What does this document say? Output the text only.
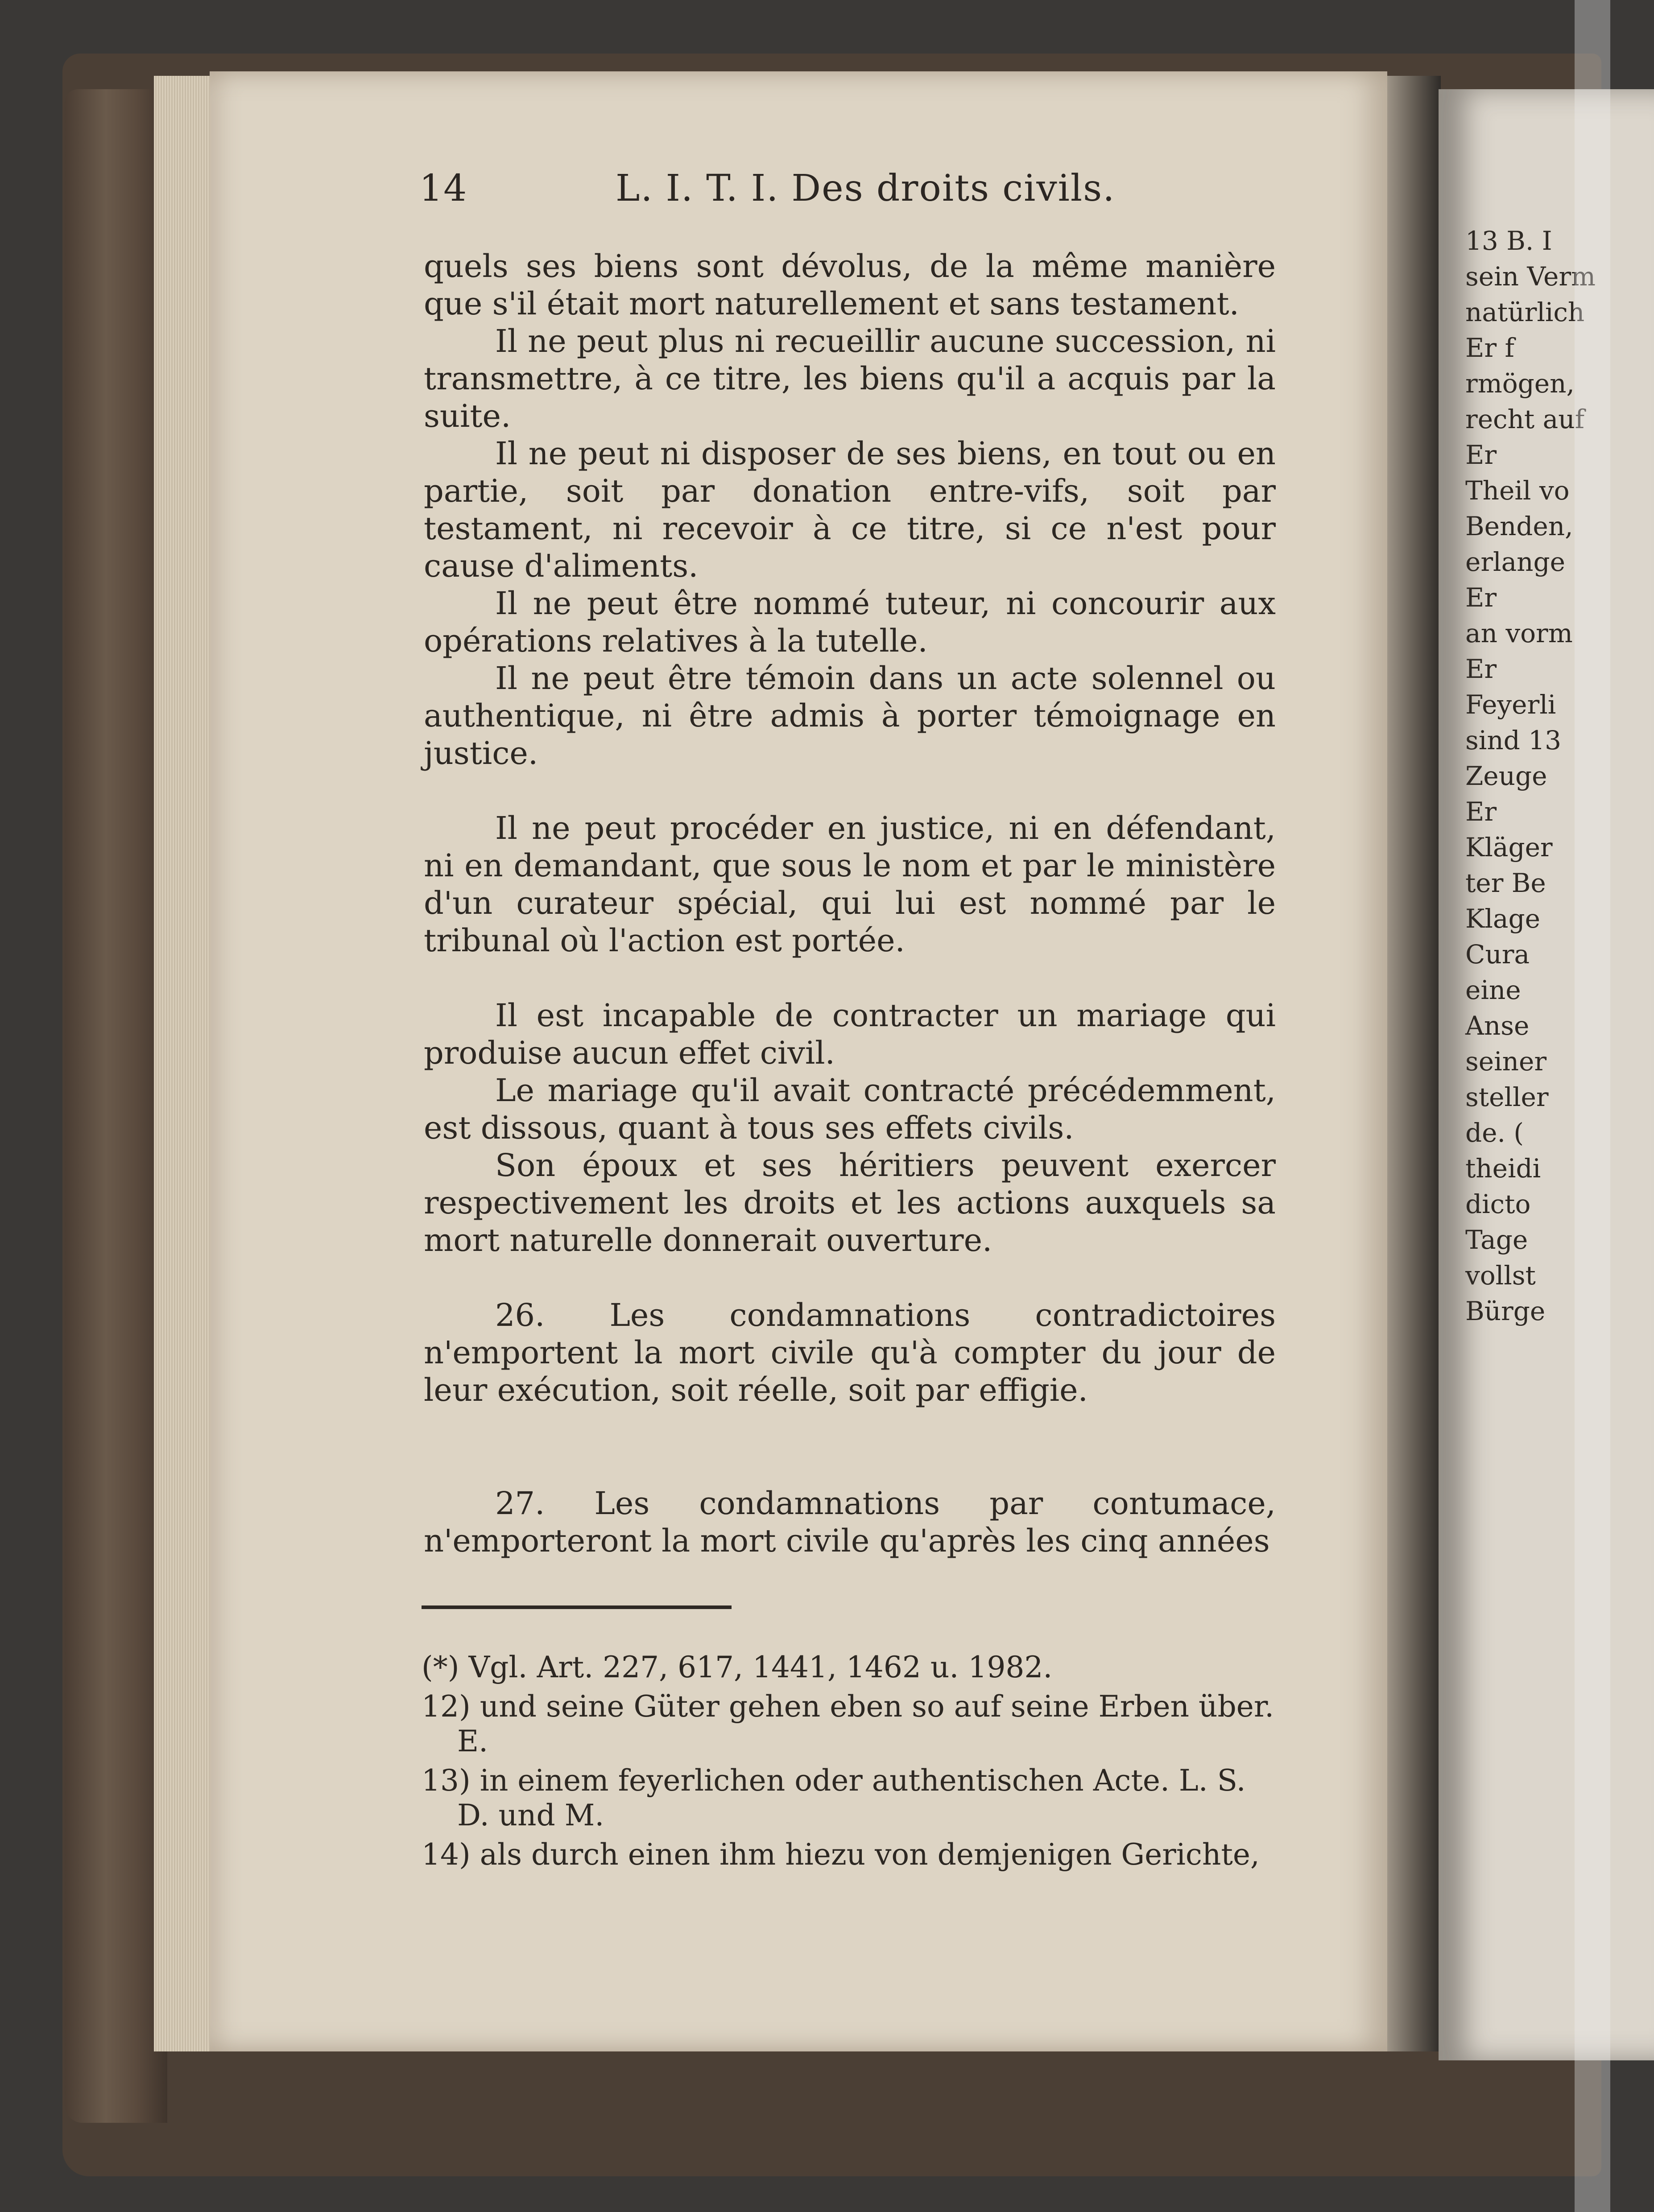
14	L. I. T. I. Des droits civils.

quels ses biens sont dévolus, de la même manière que s'il était mort naturellement et sans testament.

Il ne peut plus ni recueillir aucune succession, ni transmettre, à ce titre, les biens qu'il a acquis par la suite.

Il ne peut ni disposer de ses biens, en tout ou en partie, soit par donation entre-vifs, soit par testament, ni recevoir à ce titre, si ce n'est pour cause d'aliments.

Il ne peut être nommé tuteur, ni concourir aux opérations relatives à la tutelle.

Il ne peut être témoin dans un acte solennel ou authentique, ni être admis à porter témoignage en justice.

Il ne peut procéder en justice, ni en défendant, ni en demandant, que sous le nom et par le ministère d'un curateur spécial, qui lui est nommé par le tribunal où l'action est portée.

Il est incapable de contracter un mariage qui produise aucun effet civil.

Le mariage qu'il avait contracté précédemment, est dissous, quant à tous ses effets civils.

Son époux et ses héritiers peuvent exercer respectivement les droits et les actions auxquels sa mort naturelle donnerait ouverture.

26. Les condamnations contradictoires n'emportent la mort civile qu'à compter du jour de leur exécution, soit réelle, soit par effigie.

27. Les condamnations par contumace, n'emporteront la mort civile qu'après les cinq années

(*) Vgl. Art. 227, 617, 1441, 1462 u. 1982.

12) und seine Güter gehen eben so auf seine Erben über. E.

13) in einem feyerlichen oder authentischen Acte. L. S. D. und M.

14) als durch einen ihm hiezu von demjenigen Gerichte,

13 B. I
sein Verm
natürlich
Er f
rmögen,
recht auf
Er
Theil vo
Benden,
erlange
Er
an vorm
Er
Feyerli
sind 13
Zeuge
Er
Kläger
ter Be
Klage
Cura
eine
Anse
seiner
steller
de. (
theidi
dicto
Tage
vollst
Bürge
